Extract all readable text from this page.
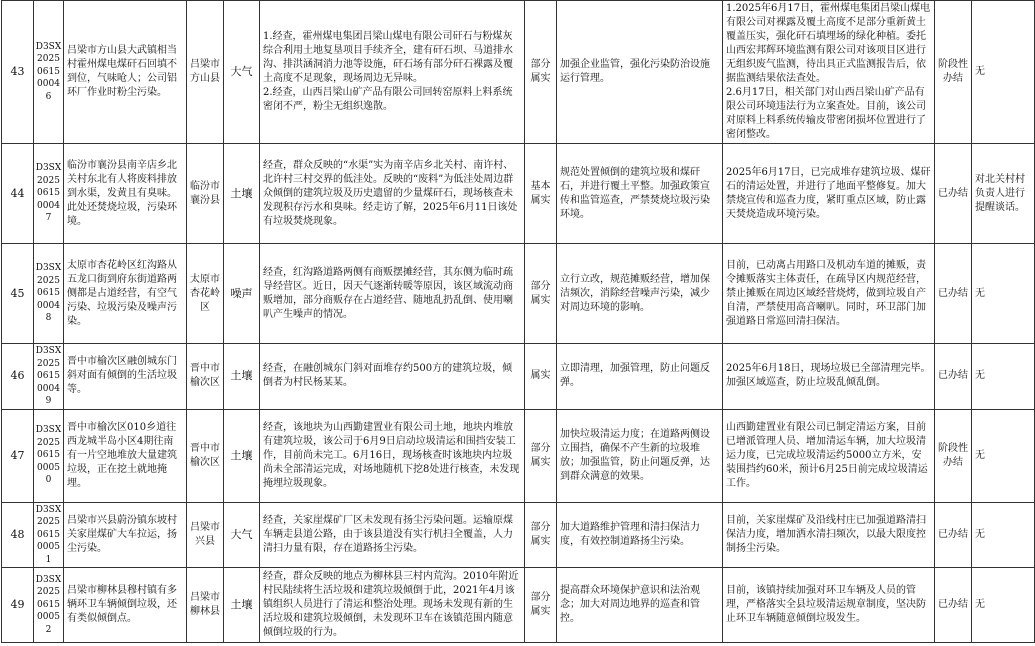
43	D3SX2025061500046	吕梁市方山县大武镇相当村霍州煤电煤矸石回填不到位，气味呛人；公司铝环厂作业时粉尘污染。	吕梁市方山县	大气	1.经查，霍州煤电集团吕梁山煤电有限公司矸石与粉煤灰综合利用土地复垦项目手续齐全，建有矸石坝、马道排水沟、排洪涵洞消力池等设施，矸石场有部分矸石裸露及覆土高度不足现象，现场周边无异味。
2.经查，山西吕梁山矿产品有限公司回转窑原料上料系统密闭不严，粉尘无组织逸散。	部分属实	加强企业监管，强化污染防治设施运行管理。	1.2025年6月17日，霍州煤电集团吕梁山煤电有限公司对裸露及覆土高度不足部分重新黄土覆盖压实，强化矸石填埋场的绿化种植。委托山西宏邦辉环境监测有限公司对该项目区进行无组织废气监测，待出具正式监测报告后，依据监测结果依法查处。
2.6月17日，相关部门对山西吕梁山矿产品有限公司环境违法行为立案查处。目前，该公司对原料上料系统传输皮带密闭损坏位置进行了密闭整改。	阶段性办结	无
44	D3SX2025061500047	临汾市襄汾县南辛店乡北关村东北有人将废料排放到水渠，发黄且有臭味。此处还焚烧垃圾，污染环境。	临汾市襄汾县	土壤	经查，群众反映的“水渠”实为南辛店乡北关村、南许村、北许村三村交界的低洼处。反映的“废料”为低洼处周边群众倾倒的建筑垃圾及历史遗留的少量煤矸石，现场核查未发现积存污水和臭味。经走访了解，2025年6月11日该处有垃圾焚烧现象。	基本属实	规范处置倾倒的建筑垃圾和煤矸石，并进行覆土平整。加强政策宣传和监管巡查，严禁焚烧垃圾污染环境。	2025年6月17日，已完成堆存建筑垃圾、煤矸石的清运处置，并进行了地面平整修复。加大禁烧宣传和巡查力度，紧盯重点区域，防止露天焚烧造成环境污染。	已办结	对北关村村负责人进行提醒谈话。
45	D3SX2025061500048	太原市杏花岭区红沟路从五龙口街到府东街道路两侧都是占道经营，有空气污染、垃圾污染及噪声污染。	太原市杏花岭区	噪声	经查，红沟路道路两侧有商贩摆摊经营，其东侧为临时疏导经营区。近日，因天气逐渐转暖等原因，该区域流动商贩增加，部分商贩存在占道经营、随地乱扔乱倒、使用喇叭产生噪声的情况。	部分属实	立行立改，规范摊贩经营，增加保洁频次，消除经营噪声污染，减少对周边环境的影响。	目前，已动离占用路口及机动车道的摊贩，责令摊贩落实主体责任，在疏导区内规范经营，禁止摊贩在周边区域经营烧烤，做到垃圾自产自清，严禁使用高音喇叭。同时，环卫部门加强道路日常巡回清扫保洁。	已办结	无
46	D3SX2025061500049	晋中市榆次区融创城东门斜对面有倾倒的生活垃圾等。	晋中市榆次区	土壤	经查，在融创城东门斜对面堆存约500方的建筑垃圾，倾倒者为村民杨某某。	属实	立即清理，加强管理，防止问题反弹。	2025年6月18日，现场垃圾已全部清理完毕。加强区域巡查，防止垃圾乱倾乱倒。	已办结	无
47	D3SX2025061500050	晋中市榆次区010乡道往西龙城半岛小区4期往南有一片空地堆放大量建筑垃圾，正在挖土就地掩埋。	晋中市榆次区	土壤	经查，该地块为山西勤建置业有限公司土地，地块内堆放有建筑垃圾，该公司于6月9日启动垃圾清运和围挡安装工作，目前尚未完工。6月16日，现场核查时该地块内垃圾尚未全部清运完成，对场地随机下挖8处进行核查，未发现掩埋垃圾现象。	部分属实	加快垃圾清运力度；在道路两侧设立围挡，确保不产生新的垃圾堆放；加强监管，防止问题反弹，达到群众满意的效果。	山西勤建置业有限公司已制定清运方案，目前已增派管理人员、增加清运车辆，加大垃圾清运力度，已完成垃圾清运约5000立方米，安装围挡约60米，预计6月25日前完成垃圾清运工作。	阶段性办结	无
48	D3SX2025061500051	吕梁市兴县蔚汾镇东坡村关家崖煤矿大车拉运，扬尘污染。	吕梁市兴县	大气	经查，关家崖煤矿厂区未发现有扬尘污染问题。运输原煤车辆走县道公路，由于该县道没有实行机扫全覆盖，人力清扫力量有限，存在道路扬尘污染。	部分属实	加大道路维护管理和清扫保洁力度，有效控制道路扬尘污染。	目前，关家崖煤矿及沿线村庄已加强道路清扫保洁力度，增加洒水清扫频次，以最大限度控制扬尘污染。	已办结	无
49	D3SX2025061500052	吕梁市柳林县穆村镇有多辆环卫车辆倾倒垃圾，还有类似倾倒点。	吕梁市柳林县	土壤	经查，群众反映的地点为柳林县三村内荒沟。2010年附近村民陆续将生活垃圾和建筑垃圾倾倒于此，2021年4月该镇组织人员进行了清运和整治处理。现场未发现有新的生活垃圾和建筑垃圾倾倒，未发现环卫车在该镇范围内随意倾倒垃圾的行为。	部分属实	提高群众环境保护意识和法治观念；加大对周边地界的巡查和管控。	目前，该镇持续加强对环卫车辆及人员的管理，严格落实全县垃圾清运规章制度，坚决防止环卫车辆随意倾倒垃圾发生。	已办结	无
